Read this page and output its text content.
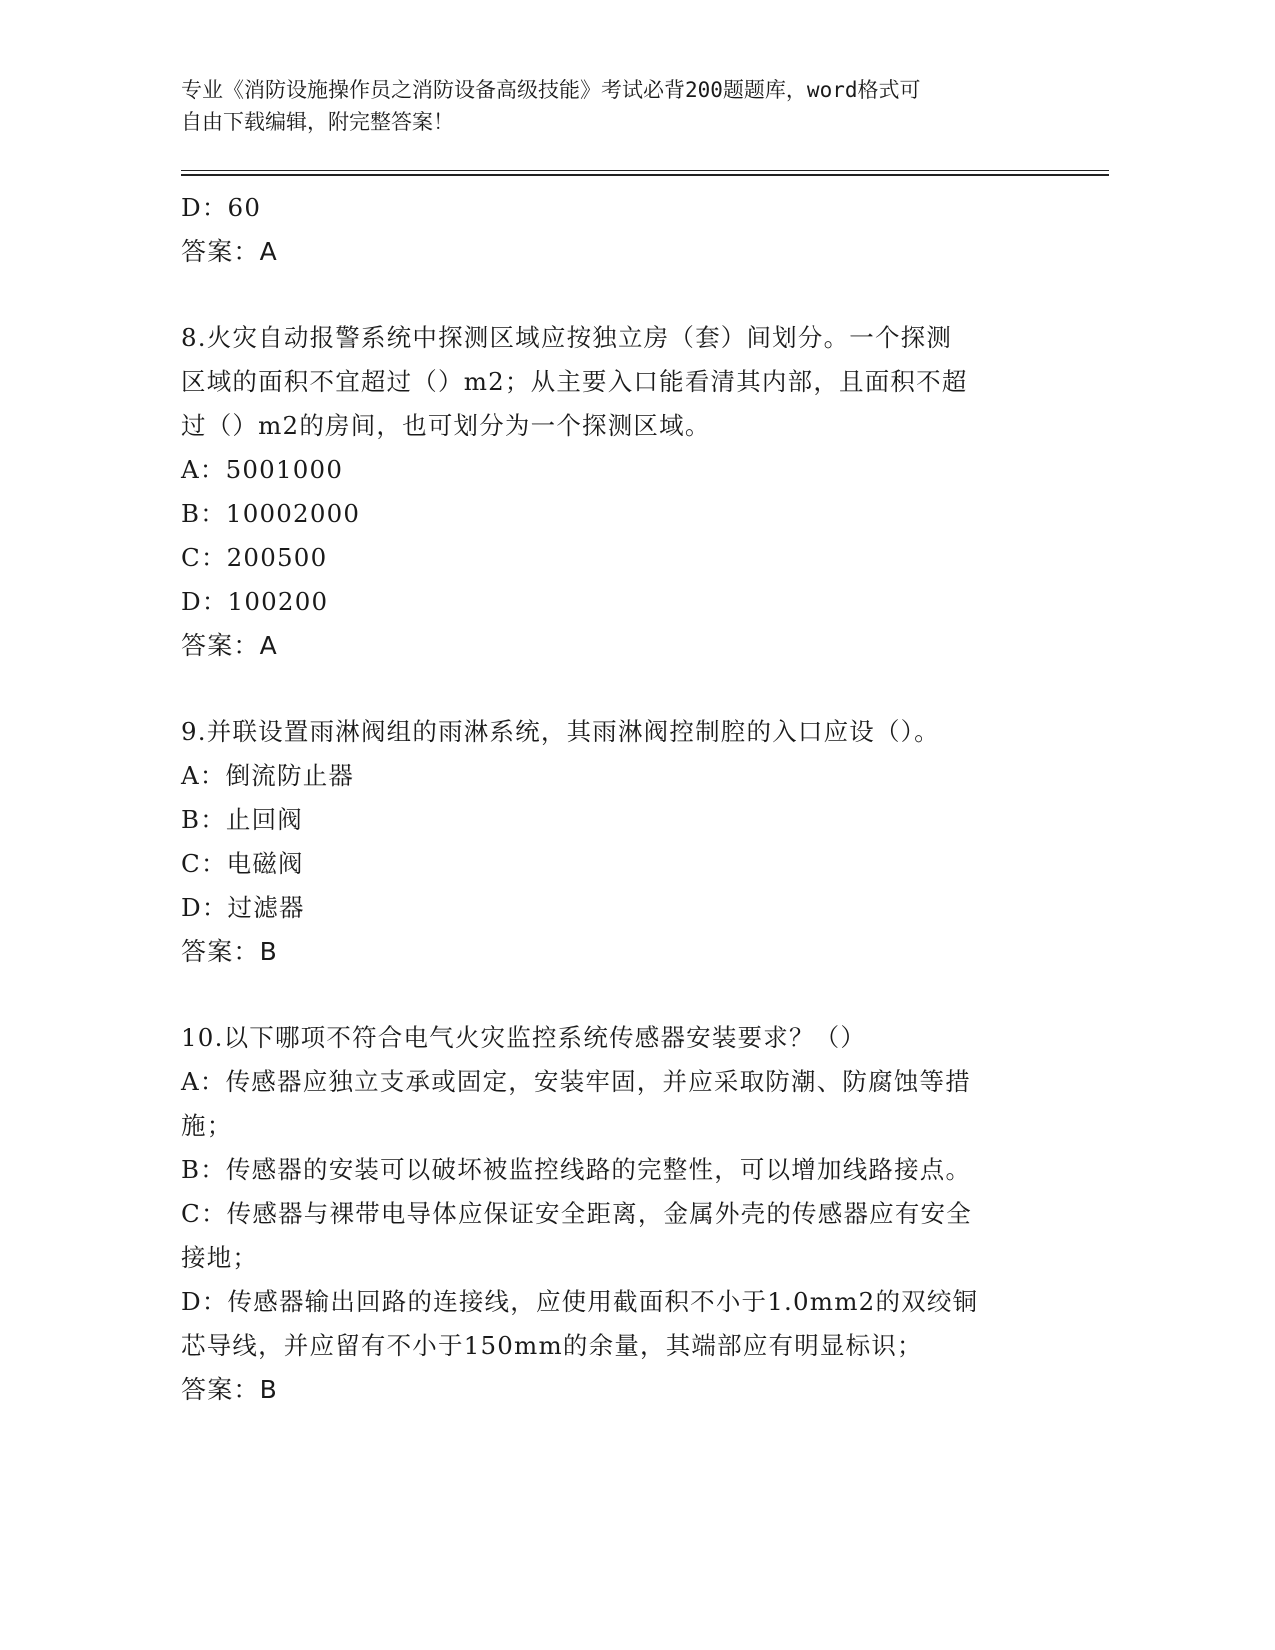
专业《消防设施操作员之消防设备高级技能》考试必背200题题库，word格式可
自由下载编辑，附完整答案！
D：60
答案：A
8.火灾自动报警系统中探测区域应按独立房（套）间划分。一个探测
区域的面积不宜超过（）m2；从主要入口能看清其内部，且面积不超
过（）m2的房间，也可划分为一个探测区域。
A：5001000
B：10002000
C：200500
D：100200
答案：A
9.并联设置雨淋阀组的雨淋系统，其雨淋阀控制腔的入口应设（）。
A：倒流防止器
B：止回阀
C：电磁阀
D：过滤器
答案：B
10.以下哪项不符合电气火灾监控系统传感器安装要求？（）
A：传感器应独立支承或固定，安装牢固，并应采取防潮、防腐蚀等措
施；
B：传感器的安装可以破坏被监控线路的完整性，可以增加线路接点。
C：传感器与裸带电导体应保证安全距离，金属外壳的传感器应有安全
接地；
D：传感器输出回路的连接线，应使用截面积不小于1.0mm2的双绞铜
芯导线，并应留有不小于150mm的余量，其端部应有明显标识；
答案：B
